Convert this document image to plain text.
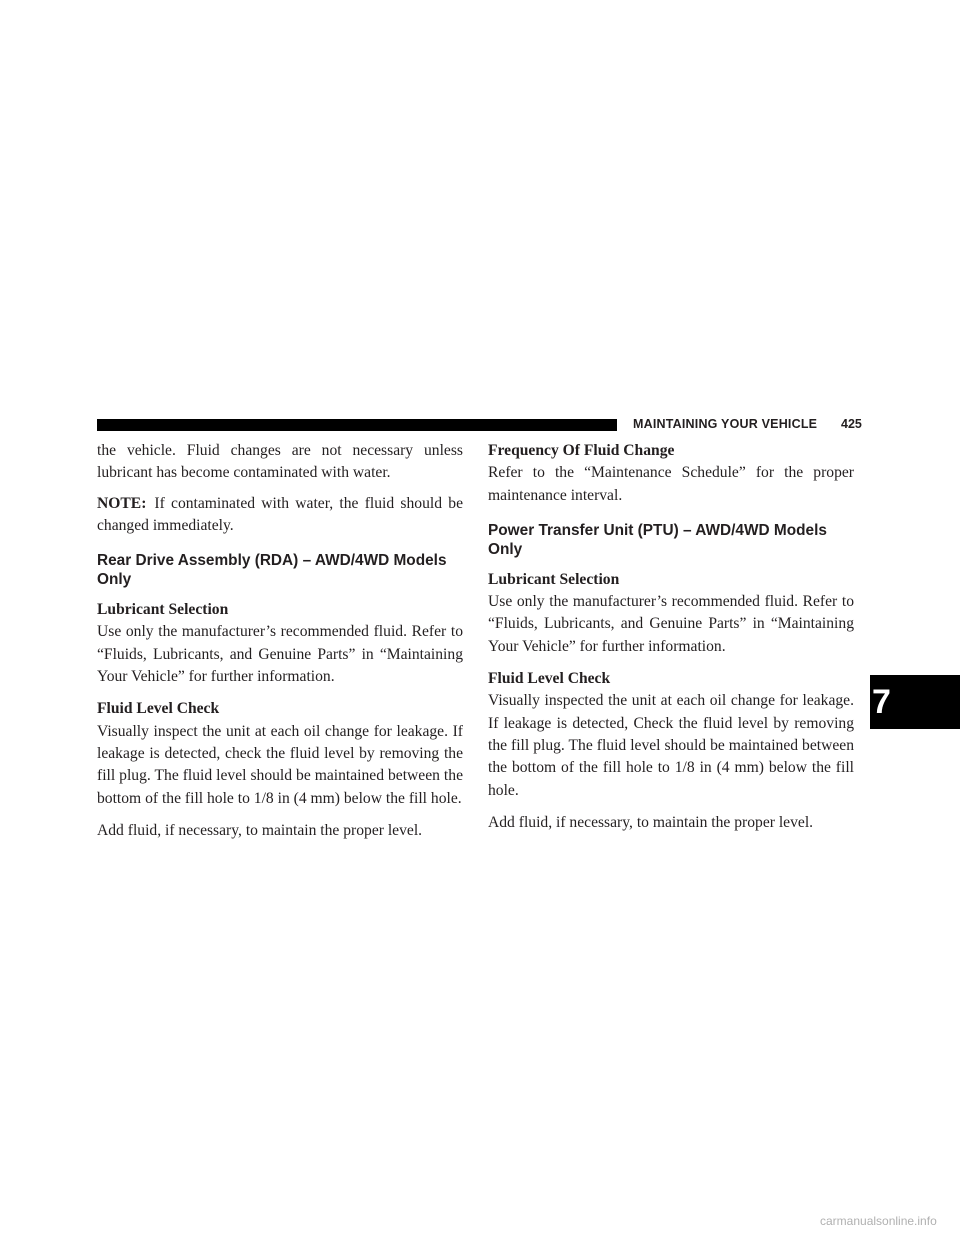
MAINTAINING YOUR VEHICLE 425

the vehicle. Fluid changes are not necessary unless lubricant has become contaminated with water.

NOTE: If contaminated with water, the fluid should be changed immediately.

Rear Drive Assembly (RDA) – AWD/4WD Models Only
Lubricant Selection

Use only the manufacturer’s recommended fluid. Refer to “Fluids, Lubricants, and Genuine Parts” in “Maintaining Your Vehicle” for further information.

Fluid Level Check

Visually inspect the unit at each oil change for leakage. If leakage is detected, check the fluid level by removing the fill plug. The fluid level should be maintained between the bottom of the fill hole to 1/8 in (4 mm) below the fill hole.

Add fluid, if necessary, to maintain the proper level.

Frequency Of Fluid Change

Refer to the “Maintenance Schedule” for the proper maintenance interval.

Power Transfer Unit (PTU) – AWD/4WD Models Only
Lubricant Selection

Use only the manufacturer’s recommended fluid. Refer to “Fluids, Lubricants, and Genuine Parts” in “Maintaining Your Vehicle” for further information.

Fluid Level Check

Visually inspected the unit at each oil change for leakage. If leakage is detected, Check the fluid level by removing the fill plug. The fluid level should be maintained between the bottom of the fill hole to 1/8 in (4 mm) below the fill hole.

Add fluid, if necessary, to maintain the proper level.

7
carmanualsonline.info
